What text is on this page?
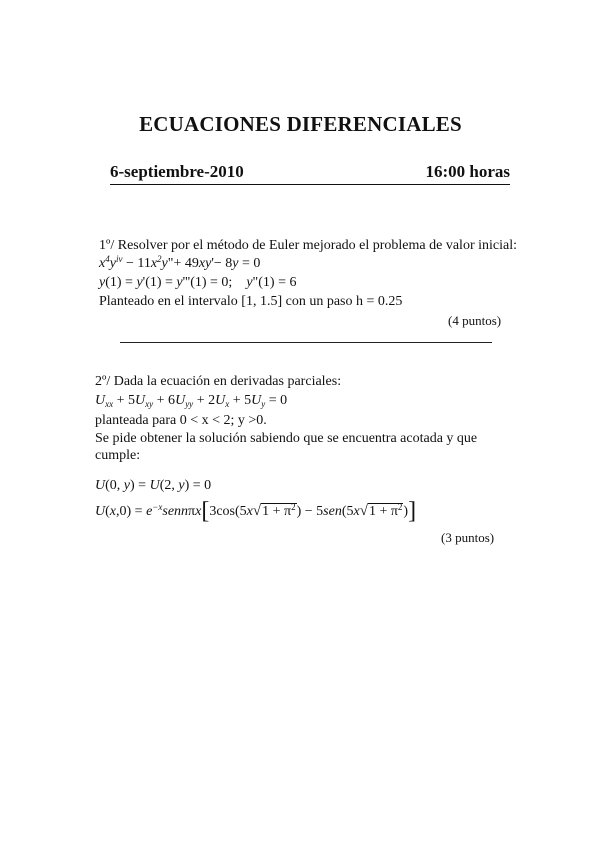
ECUACIONES DIFERENCIALES
6-septiembre-2010	16:00 horas
1º/ Resolver por el método de Euler mejorado el problema de valor inicial:
$x^4y^{iv}$ − $11x^2y"+ 49xy'- 8y = 0$
y(1) = y'(1) = y'''(1) = 0;    y"(1) = 6
Planteado en el intervalo [1, 1.5] con un paso h = 0.25
(4 puntos)
2º/ Dada la ecuación en derivadas parciales:
$U_{xx} + 5U_{xy} + 6U_{yy} + 2U_x + 5U_y = 0$
planteada para 0 < x < 2; y >0.
Se pide obtener la solución sabiendo que se encuentra acotada y que
cumple:
U(0, y) = U(2, y) = 0
$U(x,0) = e^{-x}senn\pi x[3\cos(5x√1 + \pi^2) - 5sen(5x√1 + \pi^2)]$
(3 puntos)
